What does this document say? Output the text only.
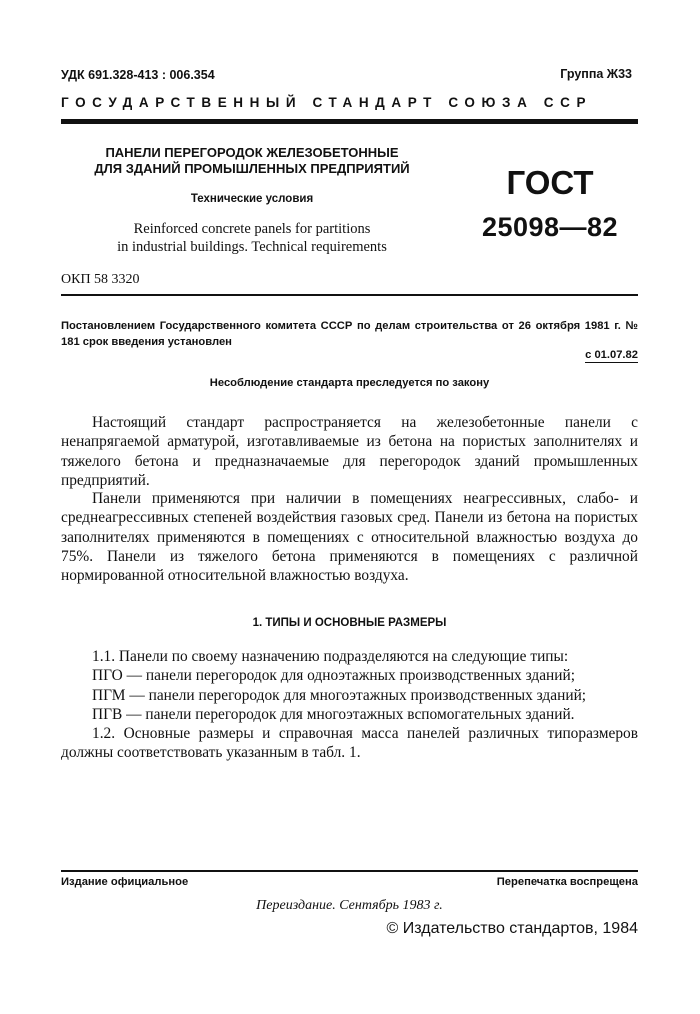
УДК 691.328-413 : 006.354	Группа Ж33
ГОСУДАРСТВЕННЫЙ СТАНДАРТ СОЮЗА ССР
ПАНЕЛИ ПЕРЕГОРОДОК ЖЕЛЕЗОБЕТОННЫЕ
ДЛЯ ЗДАНИЙ ПРОМЫШЛЕННЫХ ПРЕДПРИЯТИЙ
Технические условия
Reinforced concrete panels for partitions
in industrial buildings. Technical requirements
ГОСТ
25098—82
ОКП 58 3320
Постановлением Государственного комитета СССР по делам строительства от 26 октября 1981 г. № 181 срок введения установлен
с 01.07.82
Несоблюдение стандарта преследуется по закону

Настоящий стандарт распространяется на железобетонные панели с ненапрягаемой арматурой, изготавливаемые из бетона на пористых заполнителях и тяжелого бетона и предназначаемые для перегородок зданий промышленных предприятий.

Панели применяются при наличии в помещениях неагрессивных, слабо- и среднеагрессивных степеней воздействия газовых сред. Панели из бетона на пористых заполнителях применяются в помещениях с относительной влажностью воздуха до 75%. Панели из тяжелого бетона применяются в помещениях с различной нормированной относительной влажностью воздуха.

1. ТИПЫ И ОСНОВНЫЕ РАЗМЕРЫ

1.1. Панели по своему назначению подразделяются на следующие типы:

ПГО — панели перегородок для одноэтажных производственных зданий;

ПГМ — панели перегородок для многоэтажных производственных зданий;

ПГВ — панели перегородок для многоэтажных вспомогательных зданий.

1.2. Основные размеры и справочная масса панелей различных типоразмеров должны соответствовать указанным в табл. 1.

Издание официальное	Перепечатка воспрещена
Переиздание. Сентябрь 1983 г.
© Издательство стандартов, 1984
